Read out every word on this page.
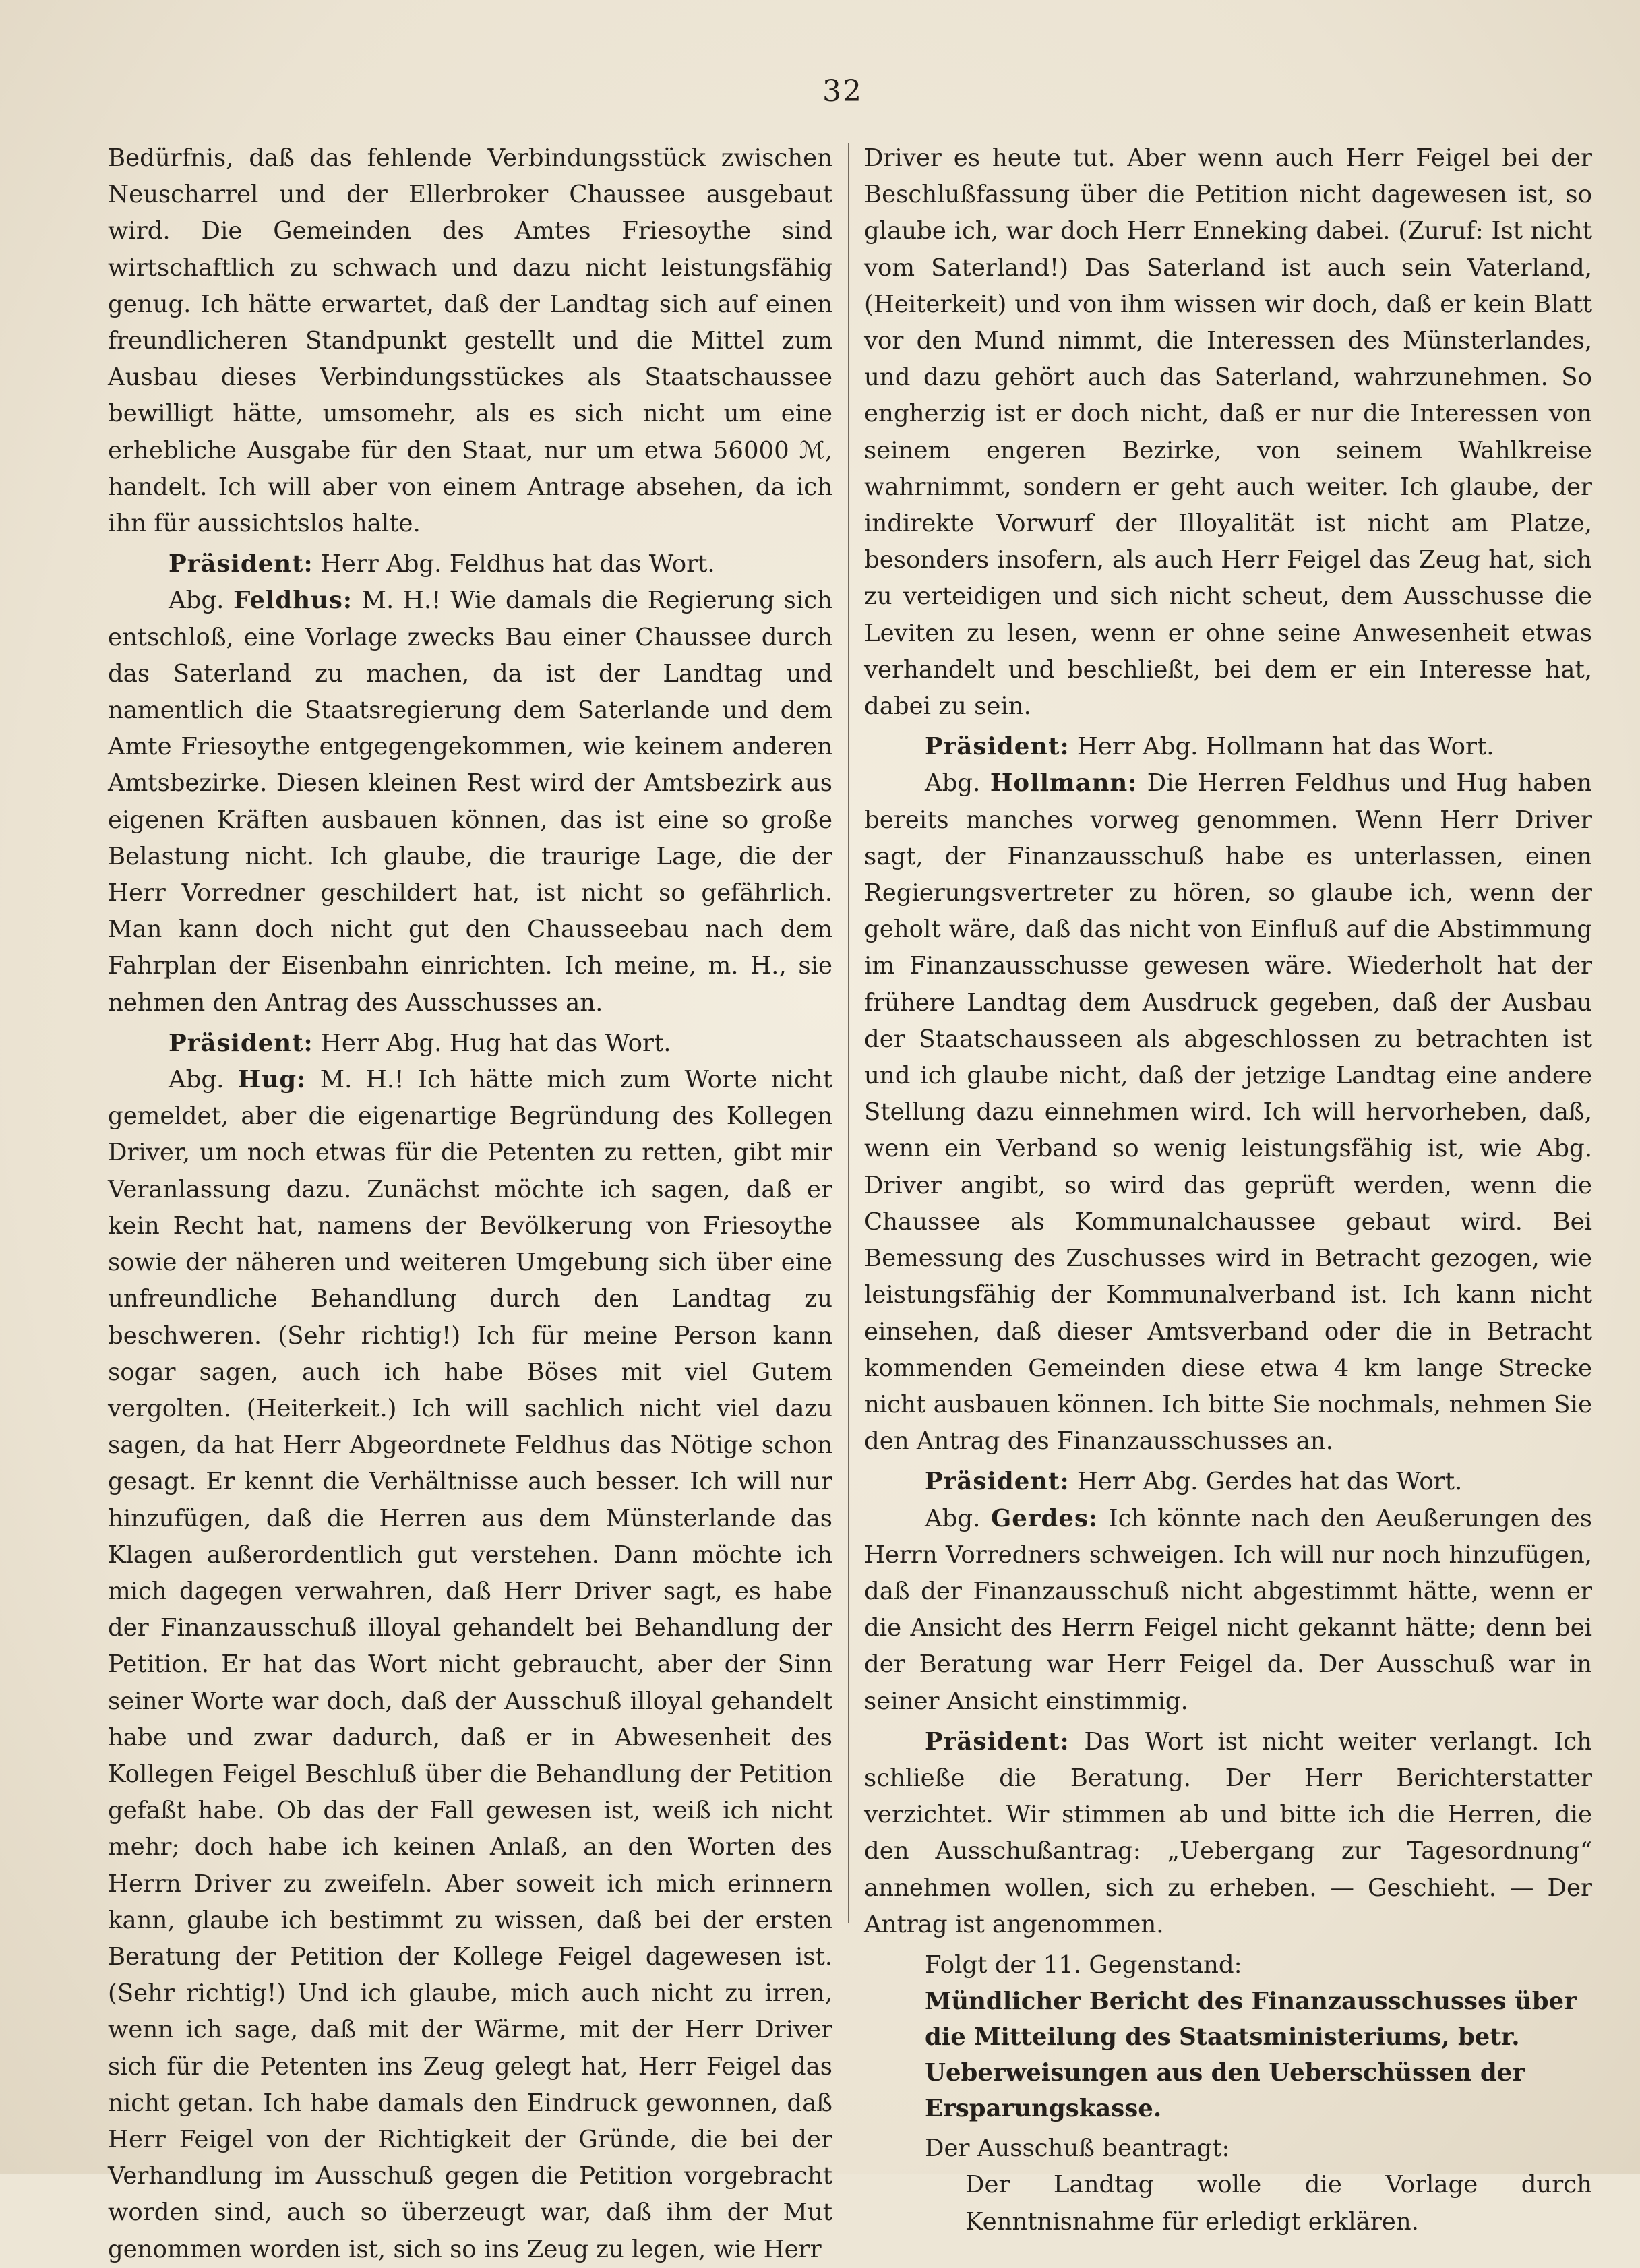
32

Bedürfnis, daß das fehlende Verbindungsstück zwischen Neuscharrel und der Ellerbroker Chaussee ausgebaut wird. Die Gemeinden des Amtes Friesoythe sind wirtschaftlich zu schwach und dazu nicht leistungsfähig genug. Ich hätte erwartet, daß der Landtag sich auf einen freundlicheren Standpunkt gestellt und die Mittel zum Ausbau dieses Verbindungsstückes als Staatschaussee bewilligt hätte, umsomehr, als es sich nicht um eine erhebliche Ausgabe für den Staat, nur um etwa 56000 ℳ, handelt. Ich will aber von einem Antrage absehen, da ich ihn für aussichtslos halte.

Präsident: Herr Abg. Feldhus hat das Wort.

Abg. Feldhus: M. H.! Wie damals die Regierung sich entschloß, eine Vorlage zwecks Bau einer Chaussee durch das Saterland zu machen, da ist der Landtag und namentlich die Staatsregierung dem Saterlande und dem Amte Friesoythe entgegengekommen, wie keinem anderen Amtsbezirke. Diesen kleinen Rest wird der Amtsbezirk aus eigenen Kräften ausbauen können, das ist eine so große Belastung nicht. Ich glaube, die traurige Lage, die der Herr Vorredner geschildert hat, ist nicht so gefährlich. Man kann doch nicht gut den Chausseebau nach dem Fahrplan der Eisenbahn einrichten. Ich meine, m. H., sie nehmen den Antrag des Ausschusses an.

Präsident: Herr Abg. Hug hat das Wort.

Abg. Hug: M. H.! Ich hätte mich zum Worte nicht gemeldet, aber die eigenartige Begründung des Kollegen Driver, um noch etwas für die Petenten zu retten, gibt mir Veranlassung dazu. Zunächst möchte ich sagen, daß er kein Recht hat, namens der Bevölkerung von Friesoythe sowie der näheren und weiteren Umgebung sich über eine unfreundliche Behandlung durch den Landtag zu beschweren. (Sehr richtig!) Ich für meine Person kann sogar sagen, auch ich habe Böses mit viel Gutem vergolten. (Heiterkeit.) Ich will sachlich nicht viel dazu sagen, da hat Herr Abgeordnete Feldhus das Nötige schon gesagt. Er kennt die Verhältnisse auch besser. Ich will nur hinzufügen, daß die Herren aus dem Münsterlande das Klagen außerordentlich gut verstehen. Dann möchte ich mich dagegen verwahren, daß Herr Driver sagt, es habe der Finanzausschuß illoyal gehandelt bei Behandlung der Petition. Er hat das Wort nicht gebraucht, aber der Sinn seiner Worte war doch, daß der Ausschuß illoyal gehandelt habe und zwar dadurch, daß er in Abwesenheit des Kollegen Feigel Beschluß über die Behandlung der Petition gefaßt habe. Ob das der Fall gewesen ist, weiß ich nicht mehr; doch habe ich keinen Anlaß, an den Worten des Herrn Driver zu zweifeln. Aber soweit ich mich erinnern kann, glaube ich bestimmt zu wissen, daß bei der ersten Beratung der Petition der Kollege Feigel dagewesen ist. (Sehr richtig!) Und ich glaube, mich auch nicht zu irren, wenn ich sage, daß mit der Wärme, mit der Herr Driver sich für die Petenten ins Zeug gelegt hat, Herr Feigel das nicht getan. Ich habe damals den Eindruck gewonnen, daß Herr Feigel von der Richtigkeit der Gründe, die bei der Verhandlung im Ausschuß gegen die Petition vorgebracht worden sind, auch so überzeugt war, daß ihm der Mut genommen worden ist, sich so ins Zeug zu legen, wie Herr

Driver es heute tut. Aber wenn auch Herr Feigel bei der Beschlußfassung über die Petition nicht dagewesen ist, so glaube ich, war doch Herr Enneking dabei. (Zuruf: Ist nicht vom Saterland!) Das Saterland ist auch sein Vaterland, (Heiterkeit) und von ihm wissen wir doch, daß er kein Blatt vor den Mund nimmt, die Interessen des Münsterlandes, und dazu gehört auch das Saterland, wahrzunehmen. So engherzig ist er doch nicht, daß er nur die Interessen von seinem engeren Bezirke, von seinem Wahlkreise wahrnimmt, sondern er geht auch weiter. Ich glaube, der indirekte Vorwurf der Illoyalität ist nicht am Platze, besonders insofern, als auch Herr Feigel das Zeug hat, sich zu verteidigen und sich nicht scheut, dem Ausschusse die Leviten zu lesen, wenn er ohne seine Anwesenheit etwas verhandelt und beschließt, bei dem er ein Interesse hat, dabei zu sein.

Präsident: Herr Abg. Hollmann hat das Wort.

Abg. Hollmann: Die Herren Feldhus und Hug haben bereits manches vorweg genommen. Wenn Herr Driver sagt, der Finanzausschuß habe es unterlassen, einen Regierungsvertreter zu hören, so glaube ich, wenn der geholt wäre, daß das nicht von Einfluß auf die Abstimmung im Finanzausschusse gewesen wäre. Wiederholt hat der frühere Landtag dem Ausdruck gegeben, daß der Ausbau der Staatschausseen als abgeschlossen zu betrachten ist und ich glaube nicht, daß der jetzige Landtag eine andere Stellung dazu einnehmen wird. Ich will hervorheben, daß, wenn ein Verband so wenig leistungsfähig ist, wie Abg. Driver angibt, so wird das geprüft werden, wenn die Chaussee als Kommunalchaussee gebaut wird. Bei Bemessung des Zuschusses wird in Betracht gezogen, wie leistungsfähig der Kommunalverband ist. Ich kann nicht einsehen, daß dieser Amtsverband oder die in Betracht kommenden Gemeinden diese etwa 4 km lange Strecke nicht ausbauen können. Ich bitte Sie nochmals, nehmen Sie den Antrag des Finanzausschusses an.

Präsident: Herr Abg. Gerdes hat das Wort.

Abg. Gerdes: Ich könnte nach den Aeußerungen des Herrn Vorredners schweigen. Ich will nur noch hinzufügen, daß der Finanzausschuß nicht abgestimmt hätte, wenn er die Ansicht des Herrn Feigel nicht gekannt hätte; denn bei der Beratung war Herr Feigel da. Der Ausschuß war in seiner Ansicht einstimmig.

Präsident: Das Wort ist nicht weiter verlangt. Ich schließe die Beratung. Der Herr Berichterstatter verzichtet. Wir stimmen ab und bitte ich die Herren, die den Ausschußantrag: „Uebergang zur Tagesordnung“ annehmen wollen, sich zu erheben. — Geschieht. — Der Antrag ist angenommen.

Folgt der 11. Gegenstand:

Mündlicher Bericht des Finanzausschusses über die Mitteilung des Staatsministeriums, betr. Ueberweisungen aus den Ueberschüssen der Ersparungskasse.

Der Ausschuß beantragt:

Der Landtag wolle die Vorlage durch Kenntnisnahme für erledigt erklären.
